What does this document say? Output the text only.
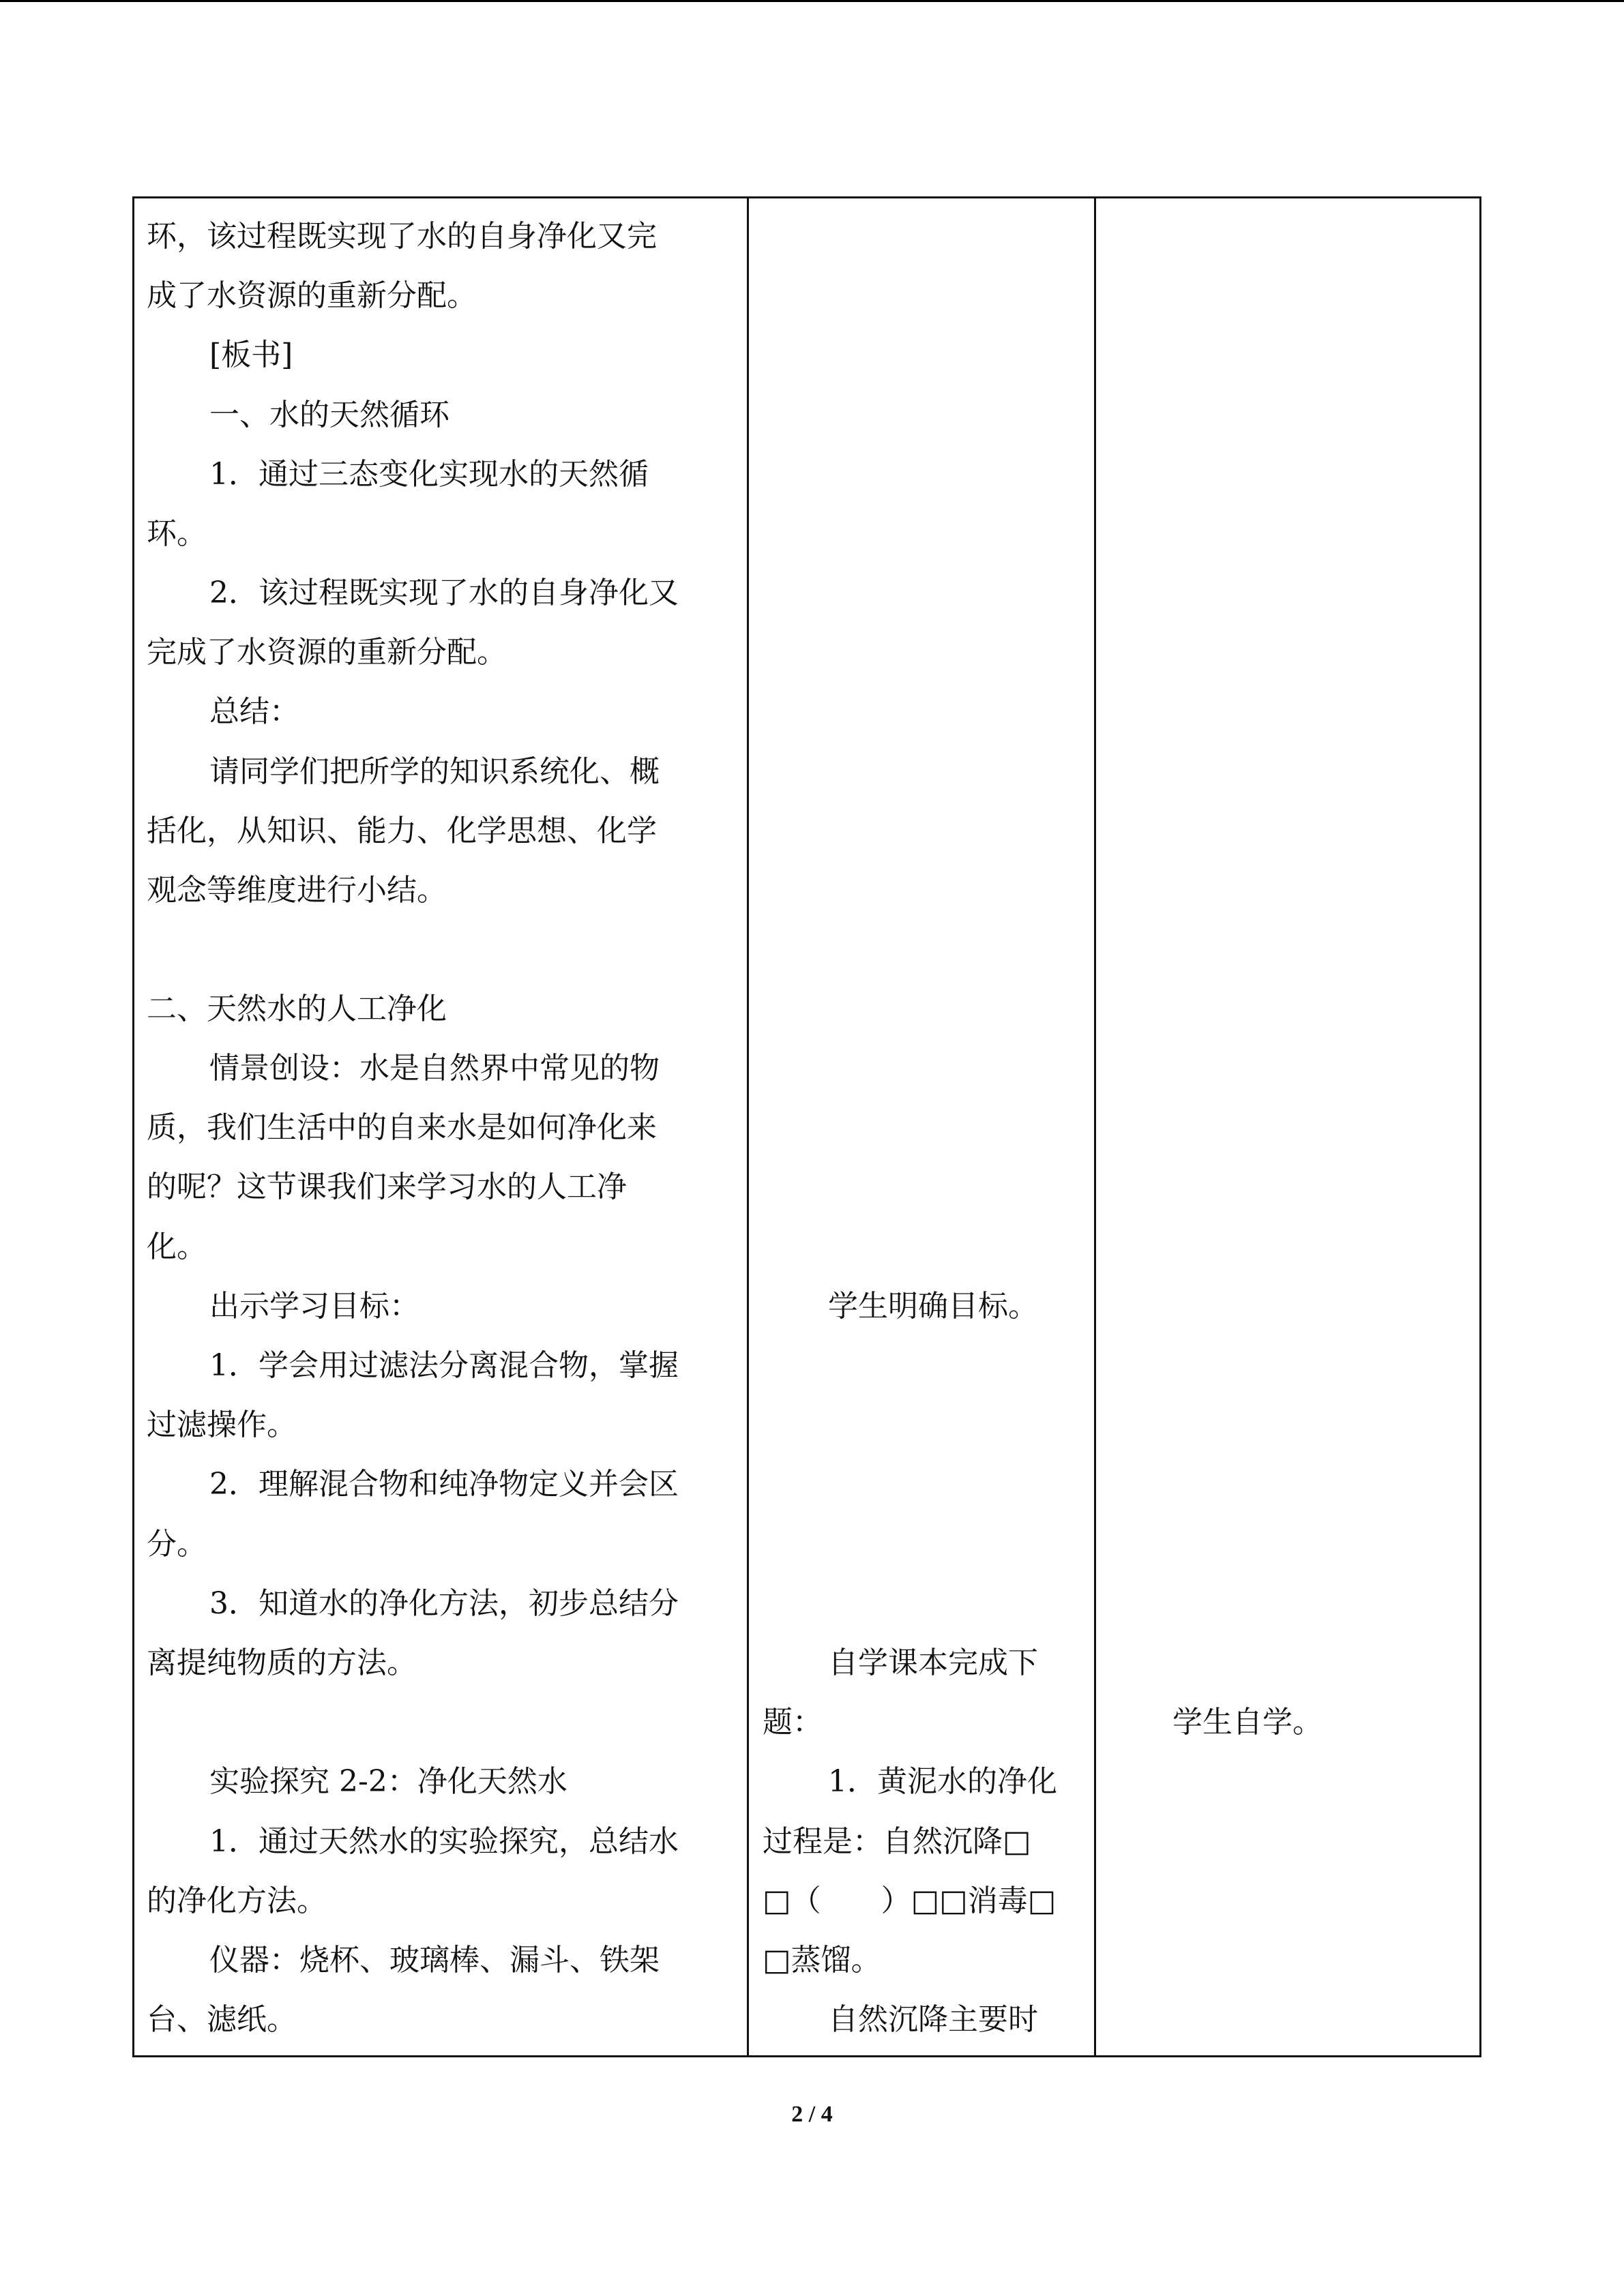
环，该过程既实现了水的自身净化又完
成了水资源的重新分配。
[板书]
一、水的天然循环
1．通过三态变化实现水的天然循
环。
2．该过程既实现了水的自身净化又
完成了水资源的重新分配。
总结：
请同学们把所学的知识系统化、概
括化，从知识、能力、化学思想、化学
观念等维度进行小结。
二、天然水的人工净化
情景创设：水是自然界中常见的物
质，我们生活中的自来水是如何净化来
的呢？这节课我们来学习水的人工净
化。
出示学习目标：
1．学会用过滤法分离混合物，掌握
过滤操作。
2．理解混合物和纯净物定义并会区
分。
3．知道水的净化方法，初步总结分
离提纯物质的方法。
实验探究 2-2：净化天然水
1．通过天然水的实验探究，总结水
的净化方法。
仪器：烧杯、玻璃棒、漏斗、铁架
台、滤纸。
学生明确目标。
自学课本完成下
题：
1．黄泥水的净化
过程是：自然沉降□
□（　　）□□消毒□
□蒸馏。
自然沉降主要时
学生自学。
2 / 4
